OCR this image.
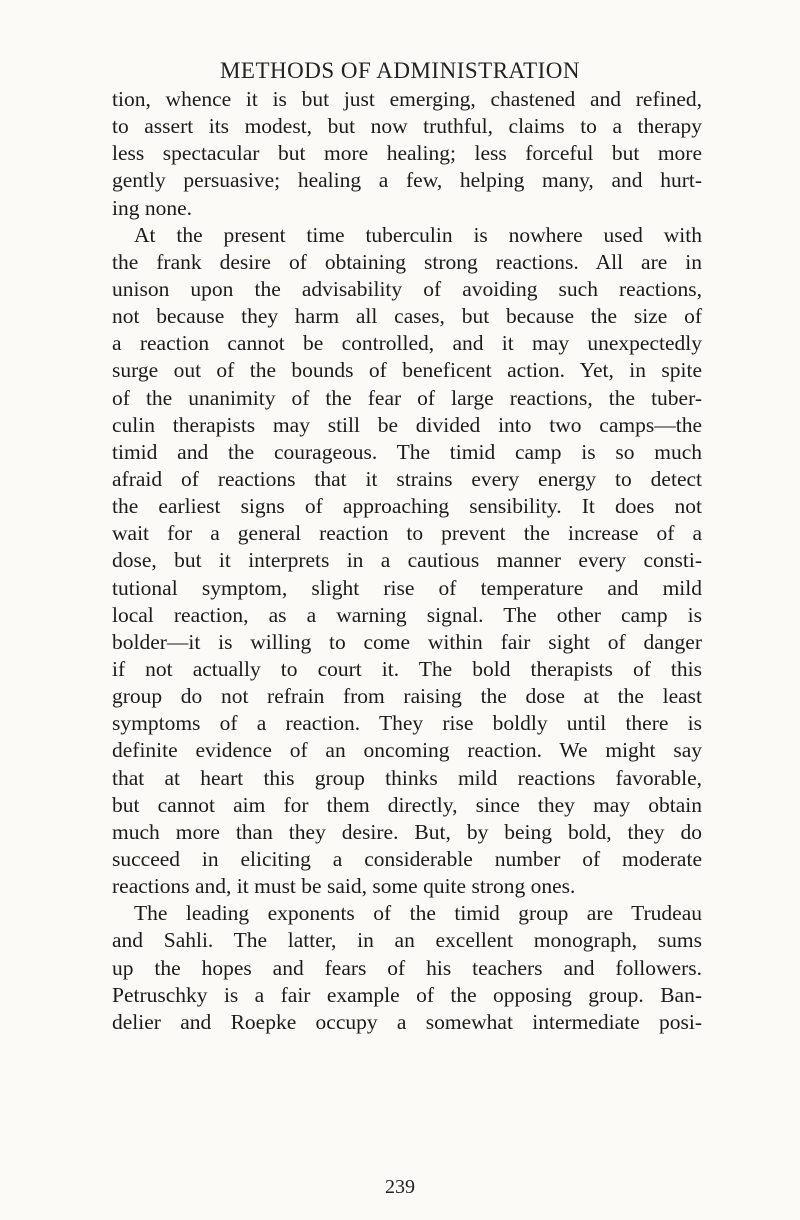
METHODS OF ADMINISTRATION
tion, whence it is but just emerging, chastened and refined,
to assert its modest, but now truthful, claims to a therapy
less spectacular but more healing; less forceful but more
gently persuasive; healing a few, helping many, and hurt-
ing none.
At the present time tuberculin is nowhere used with
the frank desire of obtaining strong reactions. All are in
unison upon the advisability of avoiding such reactions,
not because they harm all cases, but because the size of
a reaction cannot be controlled, and it may unexpectedly
surge out of the bounds of beneficent action. Yet, in spite
of the unanimity of the fear of large reactions, the tuber-
culin therapists may still be divided into two camps—the
timid and the courageous. The timid camp is so much
afraid of reactions that it strains every energy to detect
the earliest signs of approaching sensibility. It does not
wait for a general reaction to prevent the increase of a
dose, but it interprets in a cautious manner every consti-
tutional symptom, slight rise of temperature and mild
local reaction, as a warning signal. The other camp is
bolder—it is willing to come within fair sight of danger
if not actually to court it. The bold therapists of this
group do not refrain from raising the dose at the least
symptoms of a reaction. They rise boldly until there is
definite evidence of an oncoming reaction. We might say
that at heart this group thinks mild reactions favorable,
but cannot aim for them directly, since they may obtain
much more than they desire. But, by being bold, they do
succeed in eliciting a considerable number of moderate
reactions and, it must be said, some quite strong ones.
The leading exponents of the timid group are Trudeau
and Sahli. The latter, in an excellent monograph, sums
up the hopes and fears of his teachers and followers.
Petruschky is a fair example of the opposing group. Ban-
delier and Roepke occupy a somewhat intermediate posi-
239
